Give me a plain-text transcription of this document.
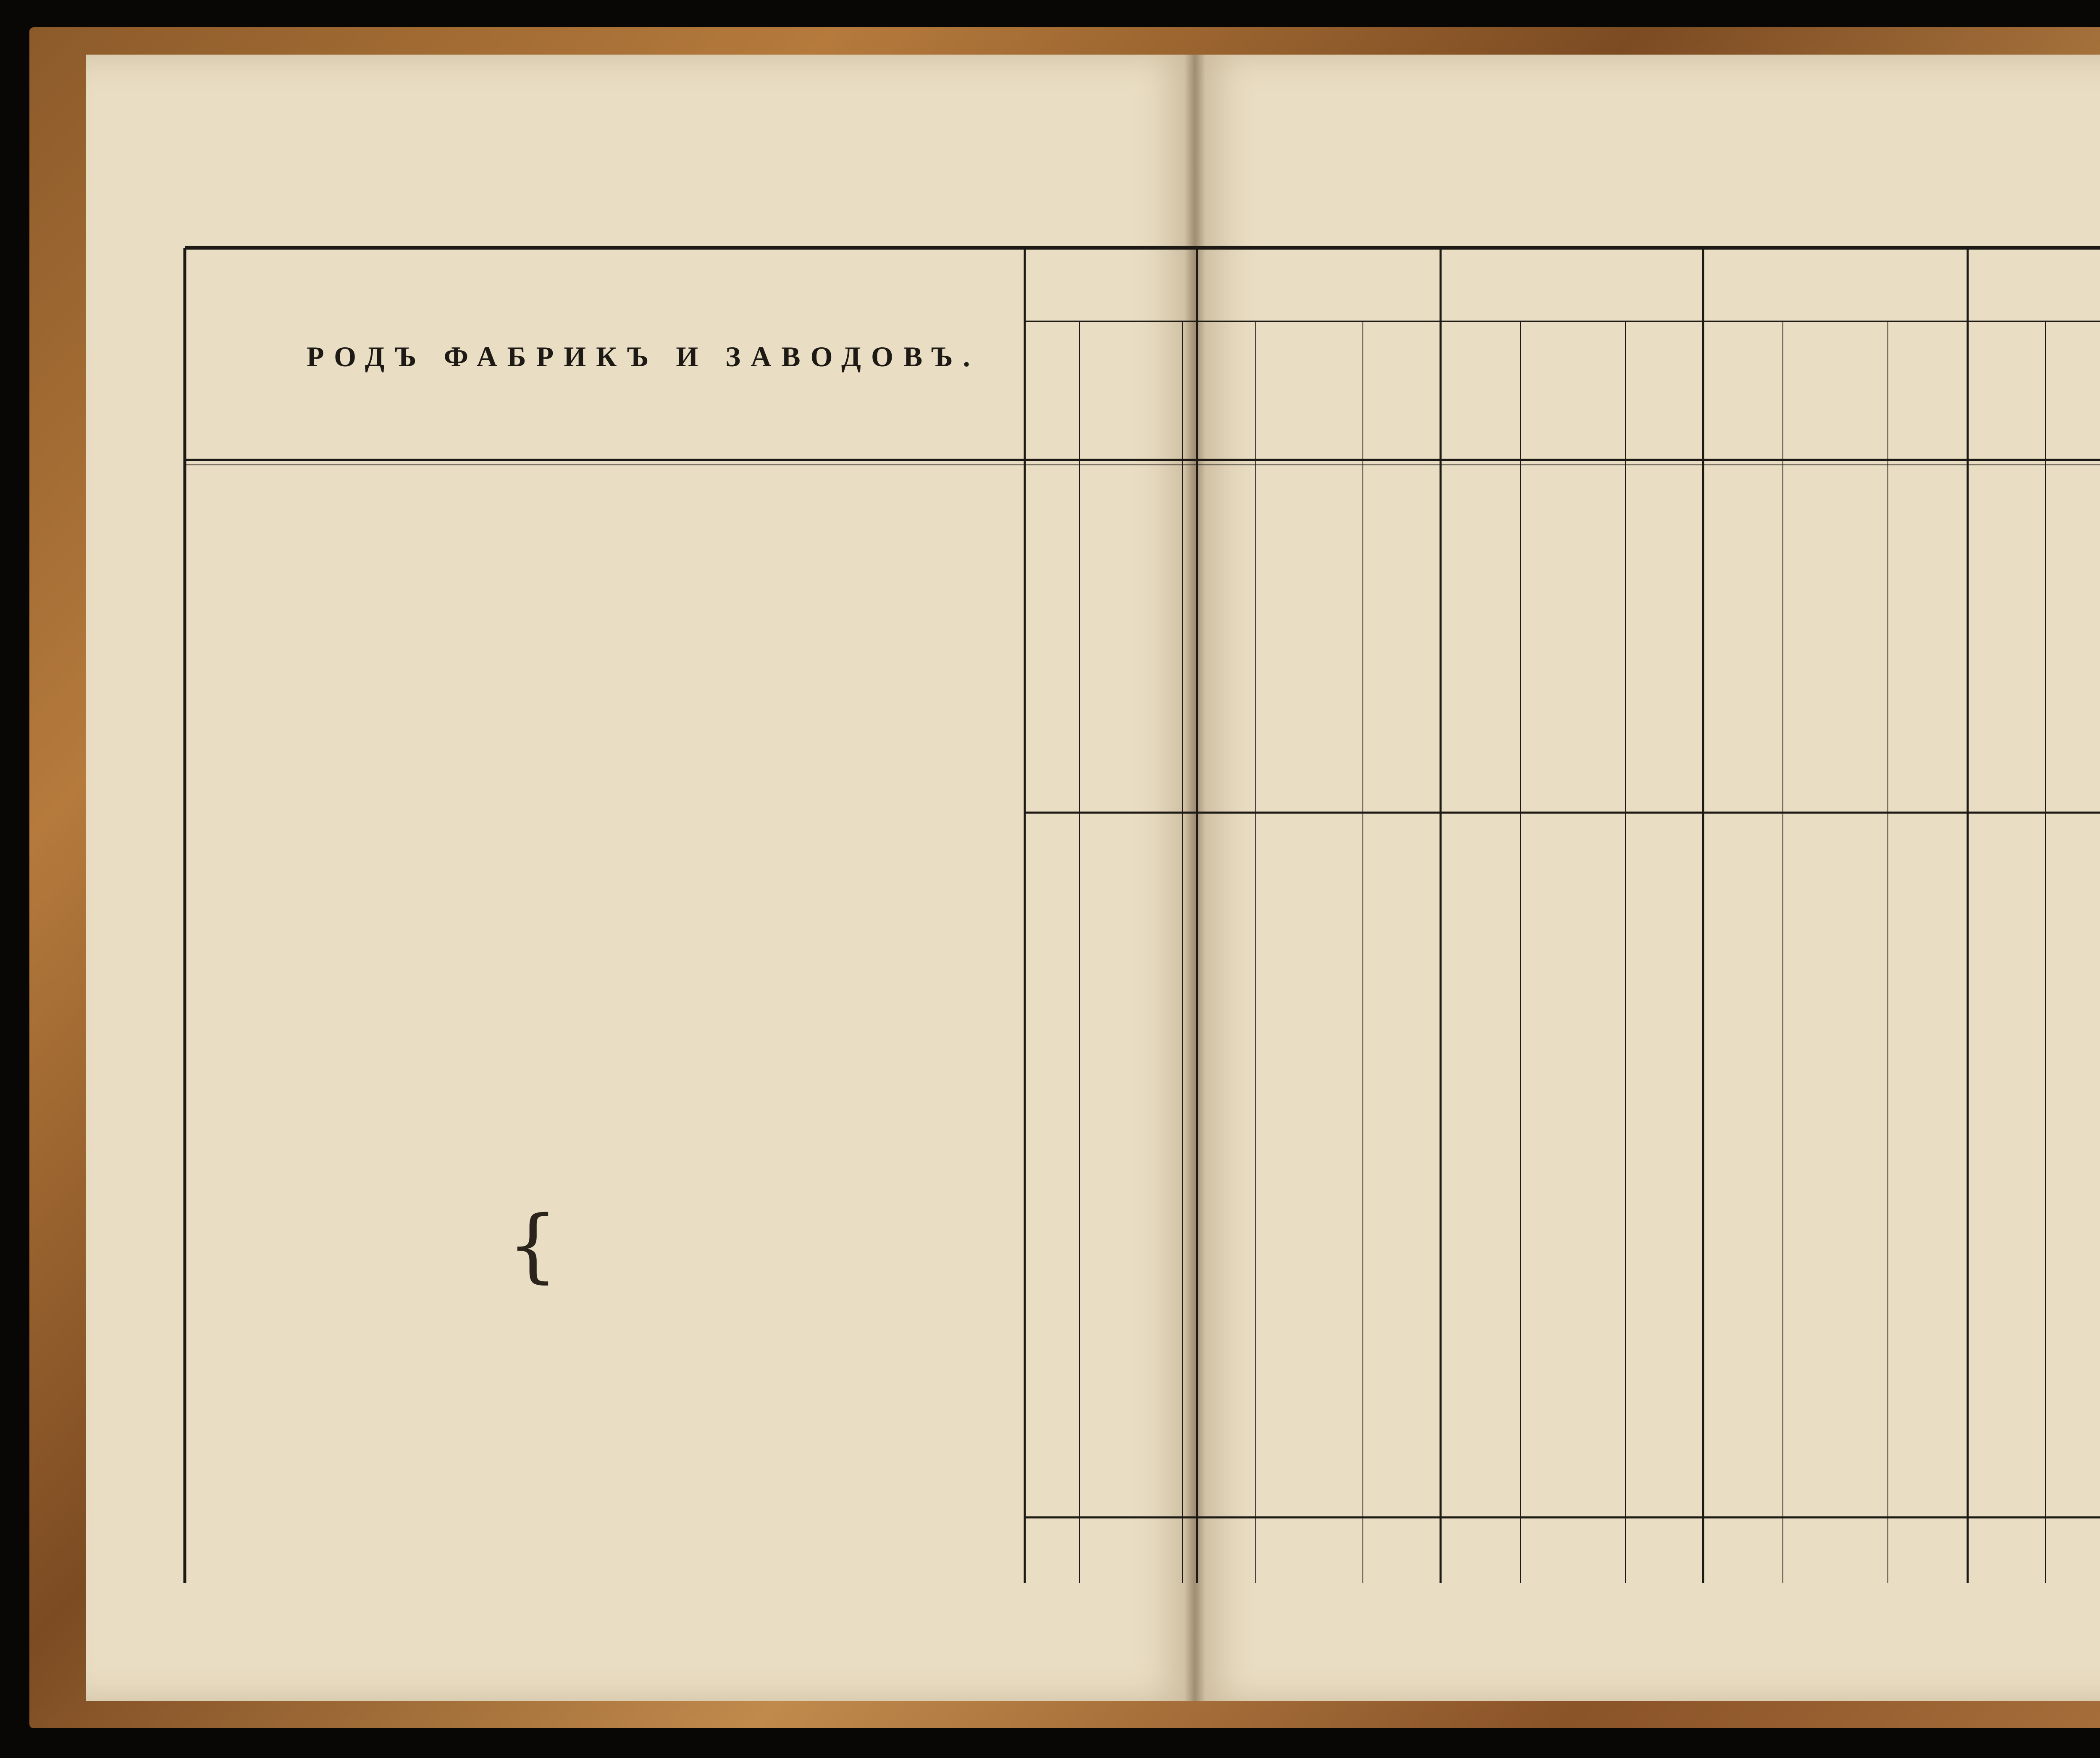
РОДЪ ФАБРИКЪ И ЗАВОДОВЪ.
{
